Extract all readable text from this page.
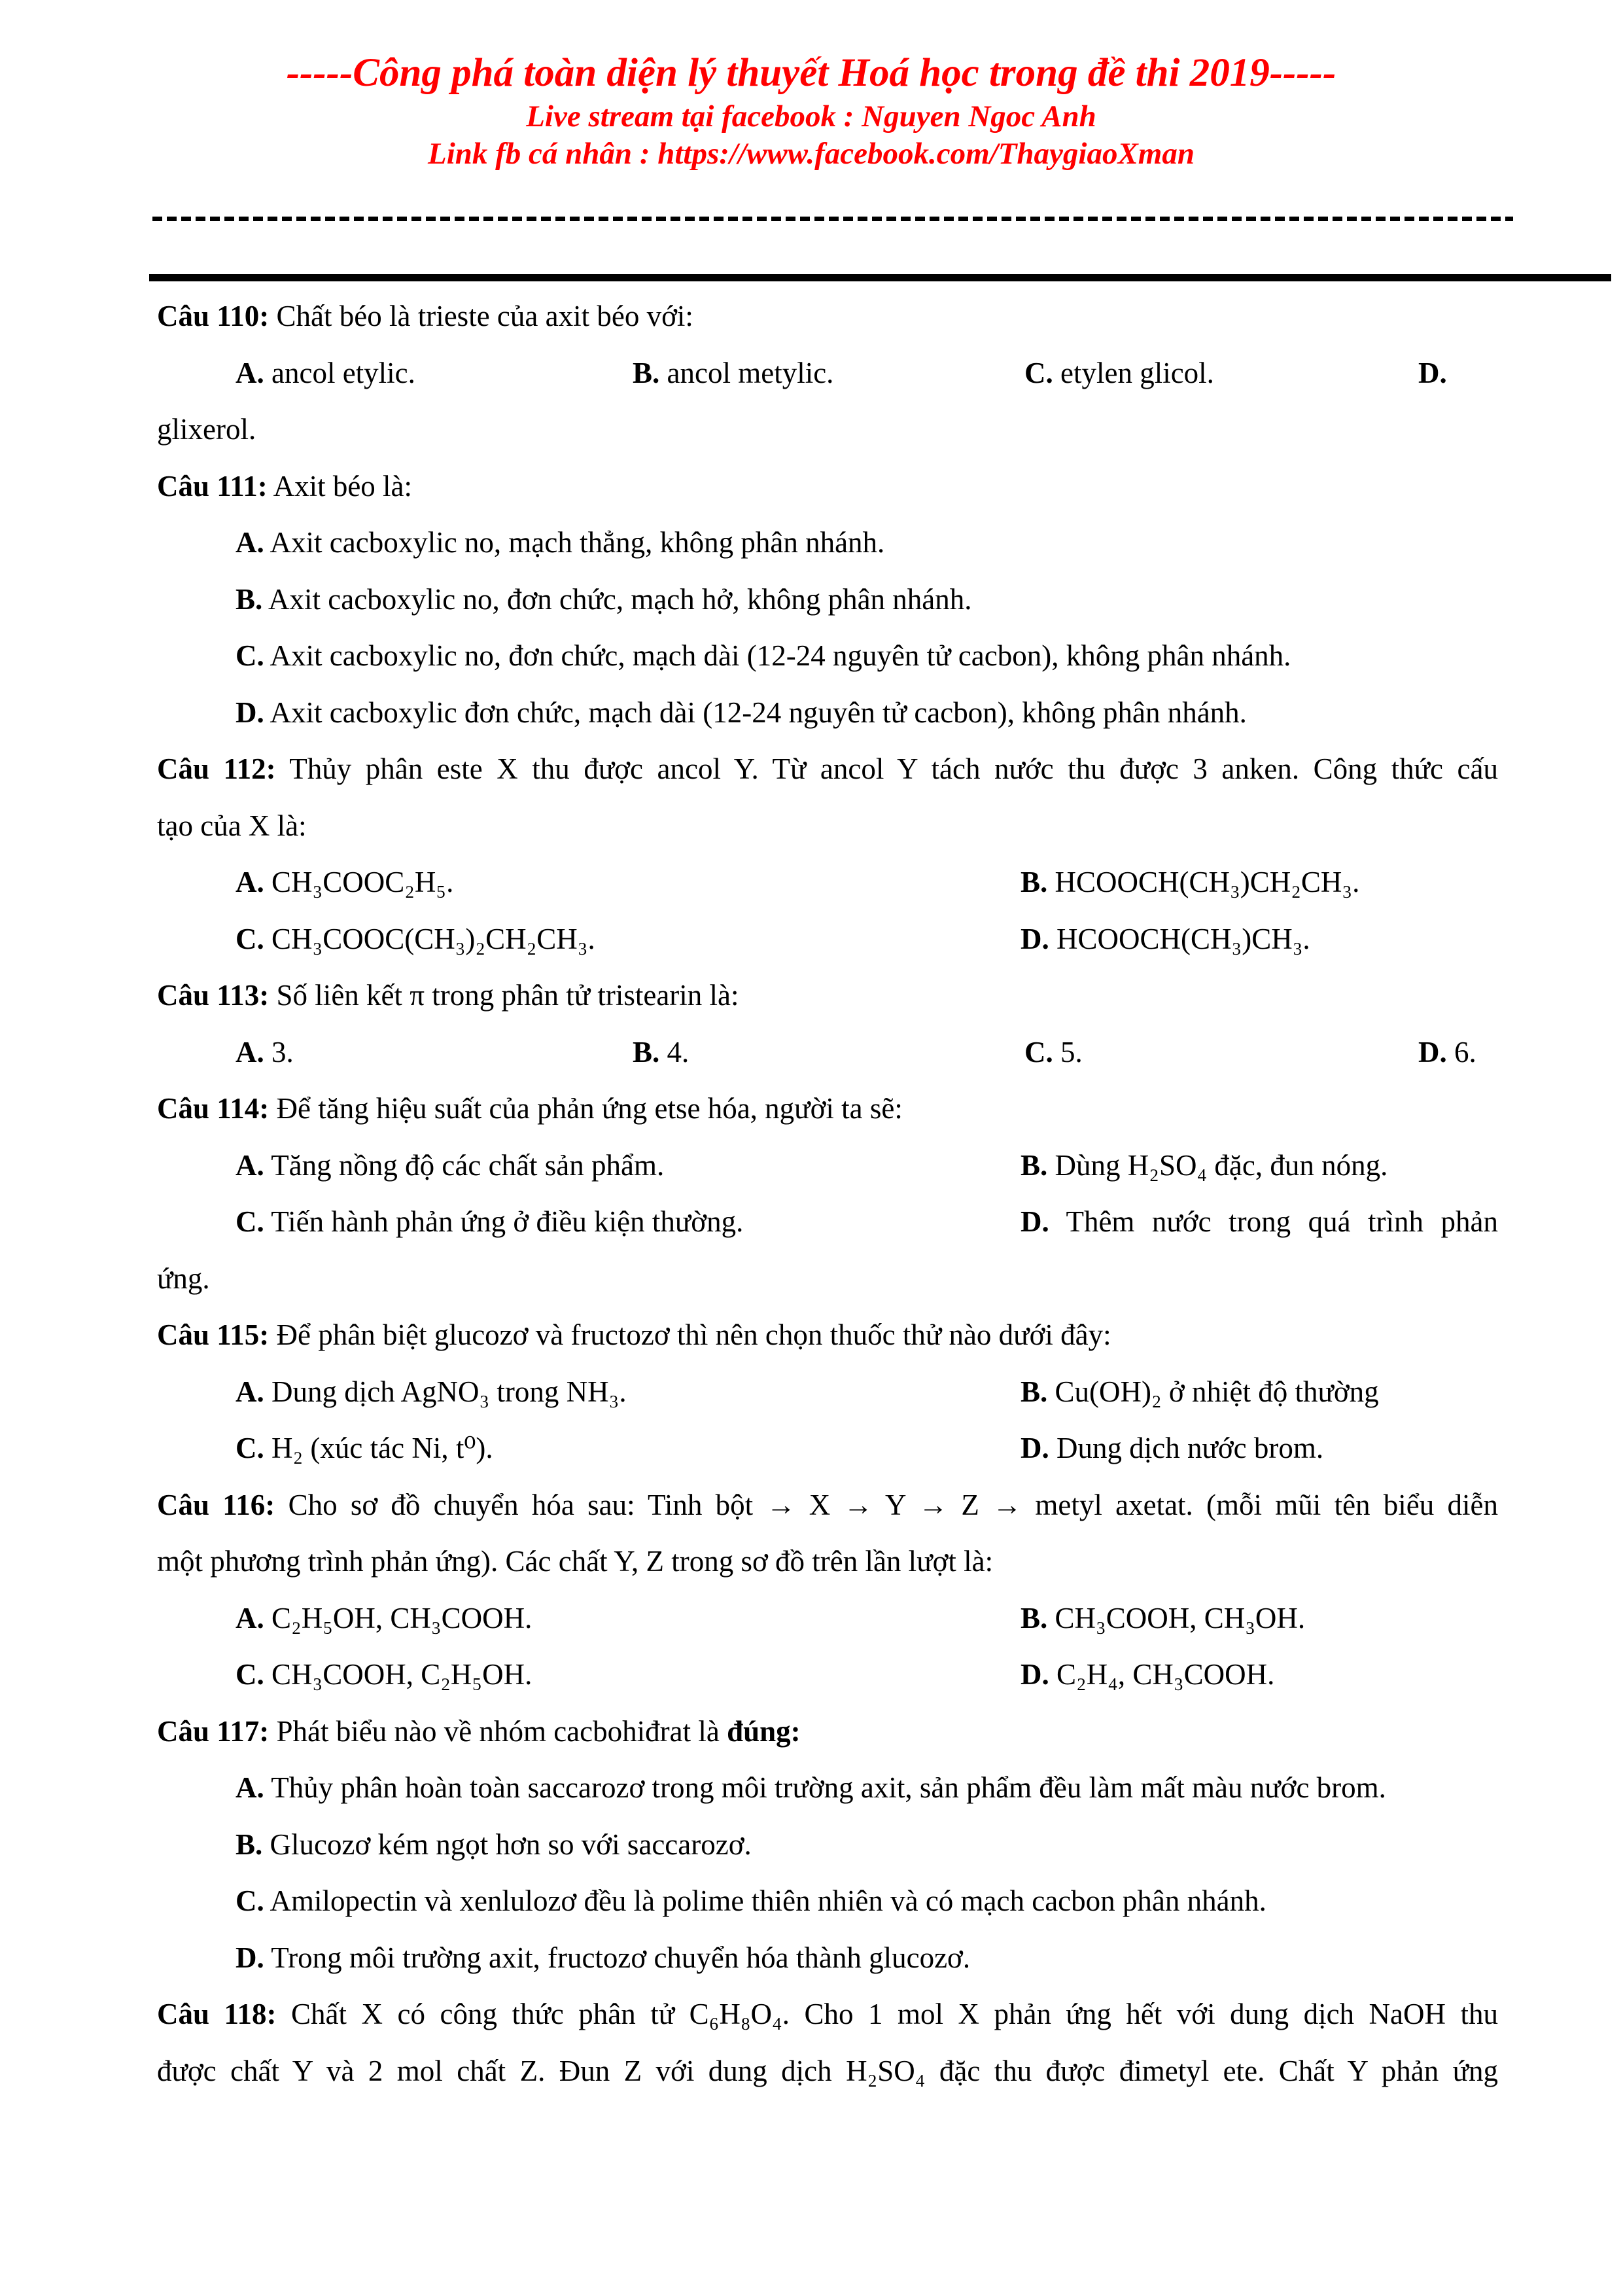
-----Công phá toàn diện lý thuyết Hoá học trong đề thi 2019-----
Live stream tại facebook : Nguyen Ngoc Anh
Link fb cá nhân : https://www.facebook.com/ThaygiaoXman
Câu 110: Chất béo là trieste của axit béo với:
A. ancol etylic.	B. ancol metylic.	C. etylen glicol.	D.
glixerol.
Câu 111: Axit béo là:
A. Axit cacboxylic no, mạch thẳng, không phân nhánh.
B. Axit cacboxylic no, đơn chức, mạch hở, không phân nhánh.
C. Axit cacboxylic no, đơn chức, mạch dài (12-24 nguyên tử cacbon), không phân nhánh.
D. Axit cacboxylic đơn chức, mạch dài (12-24 nguyên tử cacbon), không phân nhánh.
Câu 112: Thủy phân este X thu được ancol Y. Từ ancol Y tách nước thu được 3 anken. Công thức cấu
tạo của X là:
A. CH₃COOC₂H₅.	B. HCOOCH(CH₃)CH₂CH₃.
C. CH₃COOC(CH₃)₂CH₂CH₃.	D. HCOOCH(CH₃)CH₃.
Câu 113: Số liên kết π trong phân tử tristearin là:
A. 3.	B. 4.	C. 5.	D. 6.
Câu 114: Để tăng hiệu suất của phản ứng etse hóa, người ta sẽ:
A. Tăng nồng độ các chất sản phẩm.	B. Dùng H₂SO₄ đặc, đun nóng.
C. Tiến hành phản ứng ở điều kiện thường.	D. Thêm nước trong quá trình phản
ứng.
Câu 115: Để phân biệt glucozơ và fructozơ thì nên chọn thuốc thử nào dưới đây:
A. Dung dịch AgNO₃ trong NH₃.	B. Cu(OH)₂ ở nhiệt độ thường
C. H₂ (xúc tác Ni, t⁰).	D. Dung dịch nước brom.
Câu 116: Cho sơ đồ chuyển hóa sau: Tinh bột → X → Y → Z → metyl axetat. (mỗi mũi tên biểu diễn
một phương trình phản ứng). Các chất Y, Z trong sơ đồ trên lần lượt là:
A. C₂H₅OH, CH₃COOH.	B. CH₃COOH, CH₃OH.
C. CH₃COOH, C₂H₅OH.	D. C₂H₄, CH₃COOH.
Câu 117: Phát biểu nào về nhóm cacbohiđrat là đúng:
A. Thủy phân hoàn toàn saccarozơ trong môi trường axit, sản phẩm đều làm mất màu nước brom.
B. Glucozơ kém ngọt hơn so với saccarozơ.
C. Amilopectin và xenlulozơ đều là polime thiên nhiên và có mạch cacbon phân nhánh.
D. Trong môi trường axit, fructozơ chuyển hóa thành glucozơ.
Câu 118: Chất X có công thức phân tử C₆H₈O₄. Cho 1 mol X phản ứng hết với dung dịch NaOH thu
được chất Y và 2 mol chất Z. Đun Z với dung dịch H₂SO₄ đặc thu được đimetyl ete. Chất Y phản ứng
